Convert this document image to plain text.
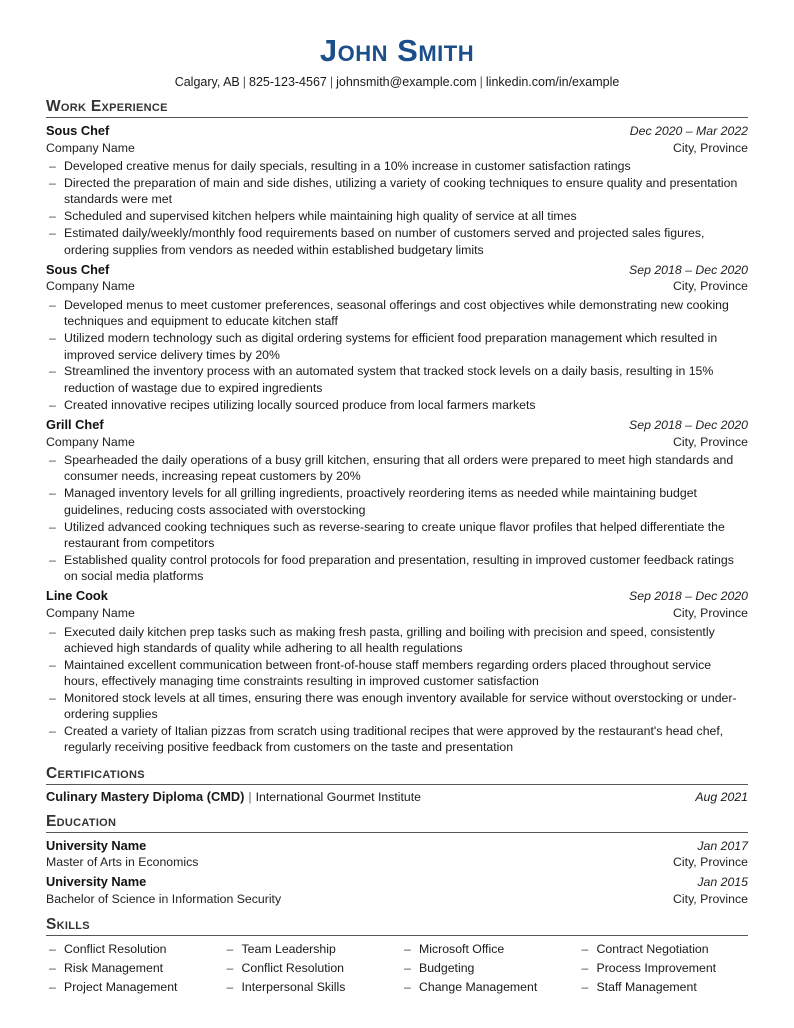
John Smith
Calgary, AB | 825-123-4567 | johnsmith@example.com | linkedin.com/in/example
Work Experience
Sous Chef	Dec 2020 – Mar 2022
Company Name	City, Province
– Developed creative menus for daily specials, resulting in a 10% increase in customer satisfaction ratings
– Directed the preparation of main and side dishes, utilizing a variety of cooking techniques to ensure quality and presentation standards were met
– Scheduled and supervised kitchen helpers while maintaining high quality of service at all times
– Estimated daily/weekly/monthly food requirements based on number of customers served and projected sales figures, ordering supplies from vendors as needed within established budgetary limits
Sous Chef	Sep 2018 – Dec 2020
Company Name	City, Province
– Developed menus to meet customer preferences, seasonal offerings and cost objectives while demonstrating new cooking techniques and equipment to educate kitchen staff
– Utilized modern technology such as digital ordering systems for efficient food preparation management which resulted in improved service delivery times by 20%
– Streamlined the inventory process with an automated system that tracked stock levels on a daily basis, resulting in 15% reduction of wastage due to expired ingredients
– Created innovative recipes utilizing locally sourced produce from local farmers markets
Grill Chef	Sep 2018 – Dec 2020
Company Name	City, Province
– Spearheaded the daily operations of a busy grill kitchen, ensuring that all orders were prepared to meet high standards and consumer needs, increasing repeat customers by 20%
– Managed inventory levels for all grilling ingredients, proactively reordering items as needed while maintaining budget guidelines, reducing costs associated with overstocking
– Utilized advanced cooking techniques such as reverse-searing to create unique flavor profiles that helped differentiate the restaurant from competitors
– Established quality control protocols for food preparation and presentation, resulting in improved customer feedback ratings on social media platforms
Line Cook	Sep 2018 – Dec 2020
Company Name	City, Province
– Executed daily kitchen prep tasks such as making fresh pasta, grilling and boiling with precision and speed, consistently achieved high standards of quality while adhering to all health regulations
– Maintained excellent communication between front-of-house staff members regarding orders placed throughout service hours, effectively managing time constraints resulting in improved customer satisfaction
– Monitored stock levels at all times, ensuring there was enough inventory available for service without overstocking or under-ordering supplies
– Created a variety of Italian pizzas from scratch using traditional recipes that were approved by the restaurant's head chef, regularly receiving positive feedback from customers on the taste and presentation
Certifications
Culinary Mastery Diploma (CMD) | International Gourmet Institute	Aug 2021
Education
University Name	Jan 2017
Master of Arts in Economics	City, Province
University Name	Jan 2015
Bachelor of Science in Information Security	City, Province
Skills
– Conflict Resolution	– Team Leadership	– Microsoft Office	– Contract Negotiation
– Risk Management	– Conflict Resolution	– Budgeting	– Process Improvement
– Project Management	– Interpersonal Skills	– Change Management	– Staff Management
